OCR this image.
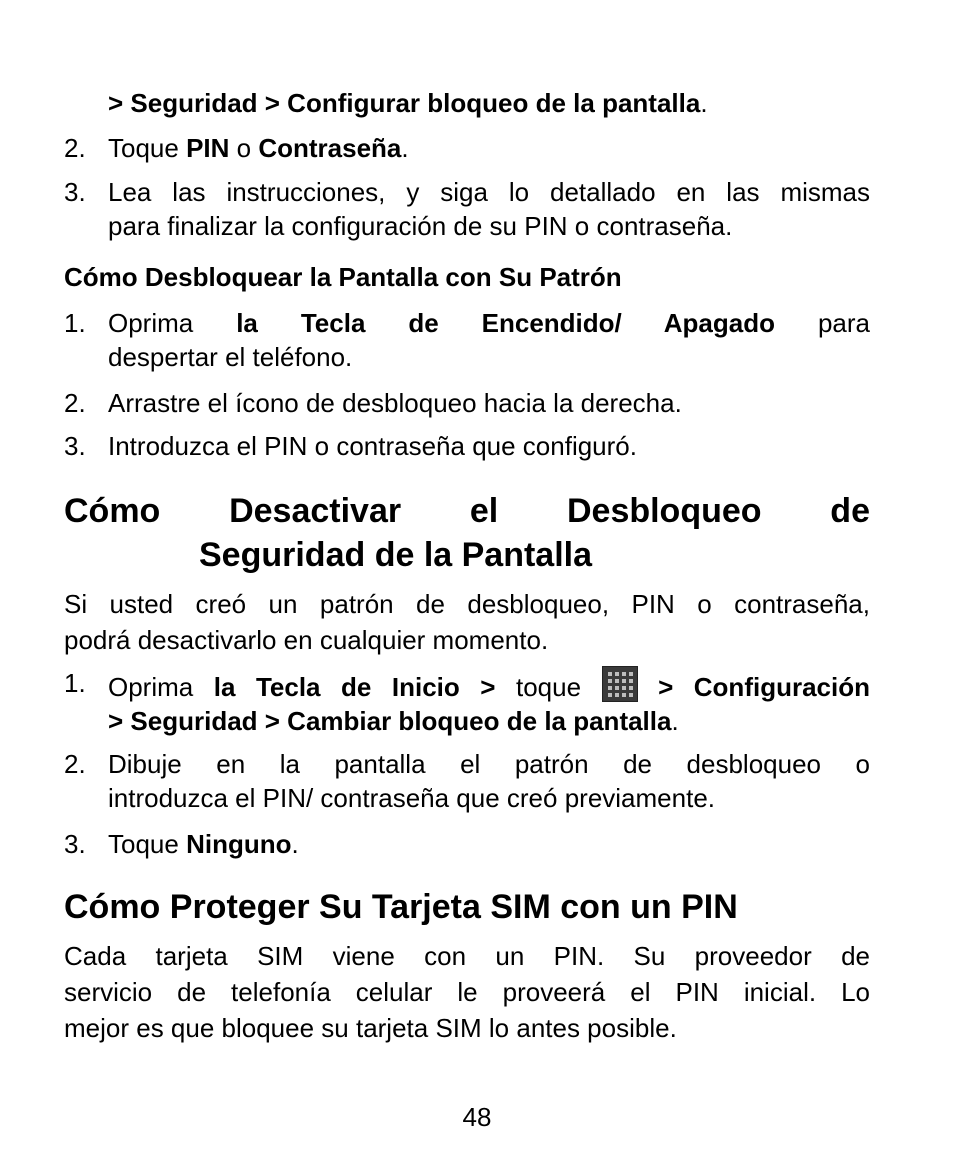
> Seguridad > Configurar bloqueo de la pantalla.
2. Toque PIN o Contraseña.
3. Lea las instrucciones, y siga lo detallado en las mismas
para finalizar la configuración de su PIN o contraseña.
Cómo Desbloquear la Pantalla con Su Patrón
1. Oprima la Tecla de Encendido/ Apagado para
despertar el teléfono.
2. Arrastre el ícono de desbloqueo hacia la derecha.
3. Introduzca el PIN o contraseña que configuró.
Cómo Desactivar el Desbloqueo de
Seguridad de la Pantalla
Si usted creó un patrón de desbloqueo, PIN o contraseña,
podrá desactivarlo en cualquier momento.
1. Oprima la Tecla de Inicio > toque
> Configuración
> Seguridad > Cambiar bloqueo de la pantalla.
2. Dibuje en la pantalla el patrón de desbloqueo o
introduzca el PIN/ contraseña que creó previamente.
3. Toque Ninguno.
Cómo Proteger Su Tarjeta SIM con un PIN
Cada tarjeta SIM viene con un PIN. Su proveedor de
servicio de telefonía celular le proveerá el PIN inicial. Lo
mejor es que bloquee su tarjeta SIM lo antes posible.
48
